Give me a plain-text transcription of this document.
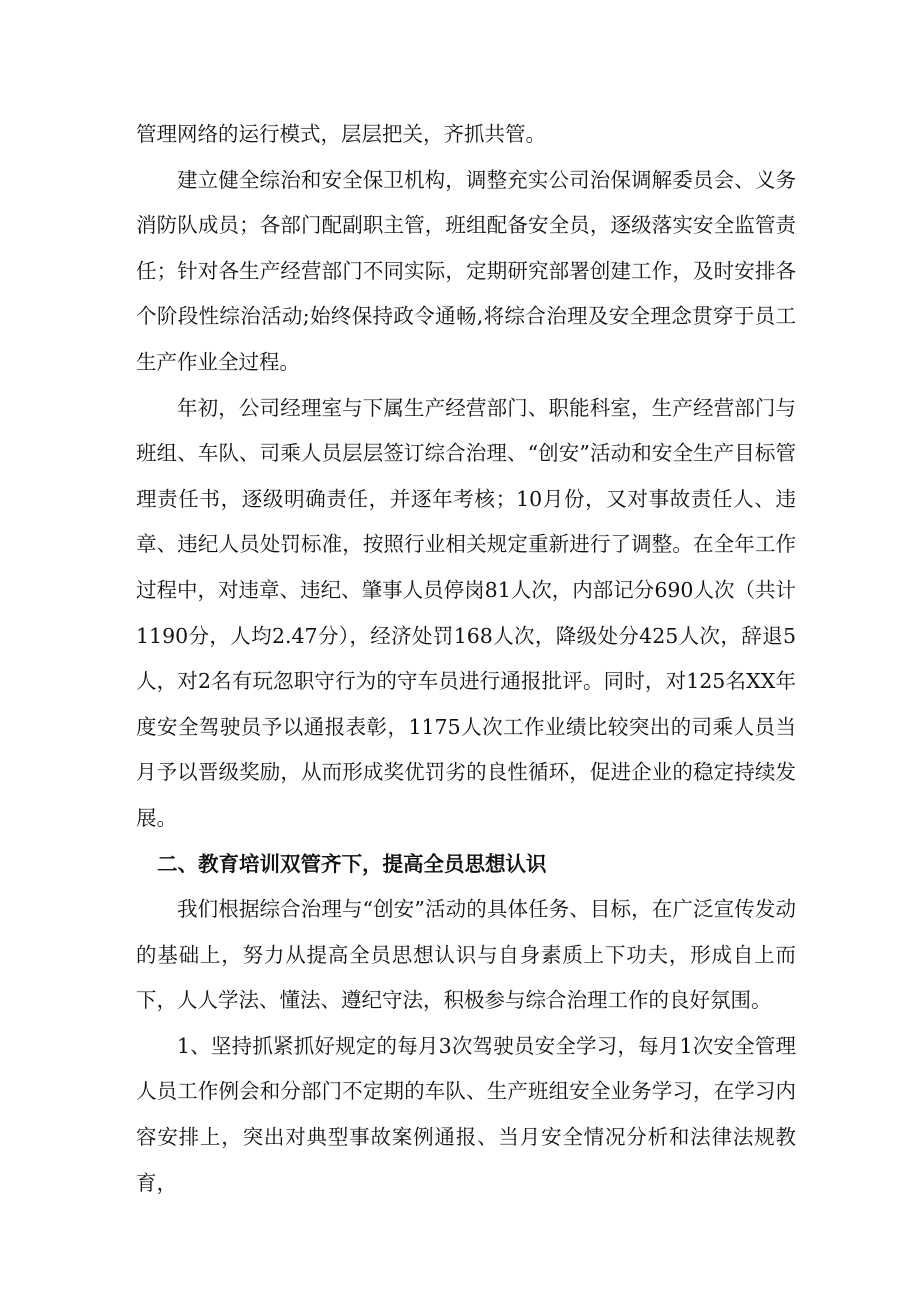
管理网络的运行模式，层层把关，齐抓共管。

建立健全综治和安全保卫机构，调整充实公司治保调解委员会、义务消防队成员；各部门配副职主管，班组配备安全员，逐级落实安全监管责任；针对各生产经营部门不同实际，定期研究部署创建工作，及时安排各个阶段性综治活动;始终保持政令通畅,将综合治理及安全理念贯穿于员工生产作业全过程。

年初，公司经理室与下属生产经营部门、职能科室，生产经营部门与班组、车队、司乘人员层层签订综合治理、“创安”活动和安全生产目标管理责任书，逐级明确责任，并逐年考核；10月份，又对事故责任人、违章、违纪人员处罚标准，按照行业相关规定重新进行了调整。在全年工作过程中，对违章、违纪、肇事人员停岗81人次，内部记分690人次（共计1190分，人均2.47分），经济处罚168人次，降级处分425人次，辞退5人，对2名有玩忽职守行为的守车员进行通报批评。同时，对125名XX年度安全驾驶员予以通报表彰，1175人次工作业绩比较突出的司乘人员当月予以晋级奖励，从而形成奖优罚劣的良性循环，促进企业的稳定持续发展。

二、教育培训双管齐下，提高全员思想认识

我们根据综合治理与“创安”活动的具体任务、目标，在广泛宣传发动的基础上，努力从提高全员思想认识与自身素质上下功夫，形成自上而下，人人学法、懂法、遵纪守法，积极参与综合治理工作的良好氛围。

1、坚持抓紧抓好规定的每月3次驾驶员安全学习，每月1次安全管理人员工作例会和分部门不定期的车队、生产班组安全业务学习，在学习内容安排上，突出对典型事故案例通报、当月安全情况分析和法律法规教育，
